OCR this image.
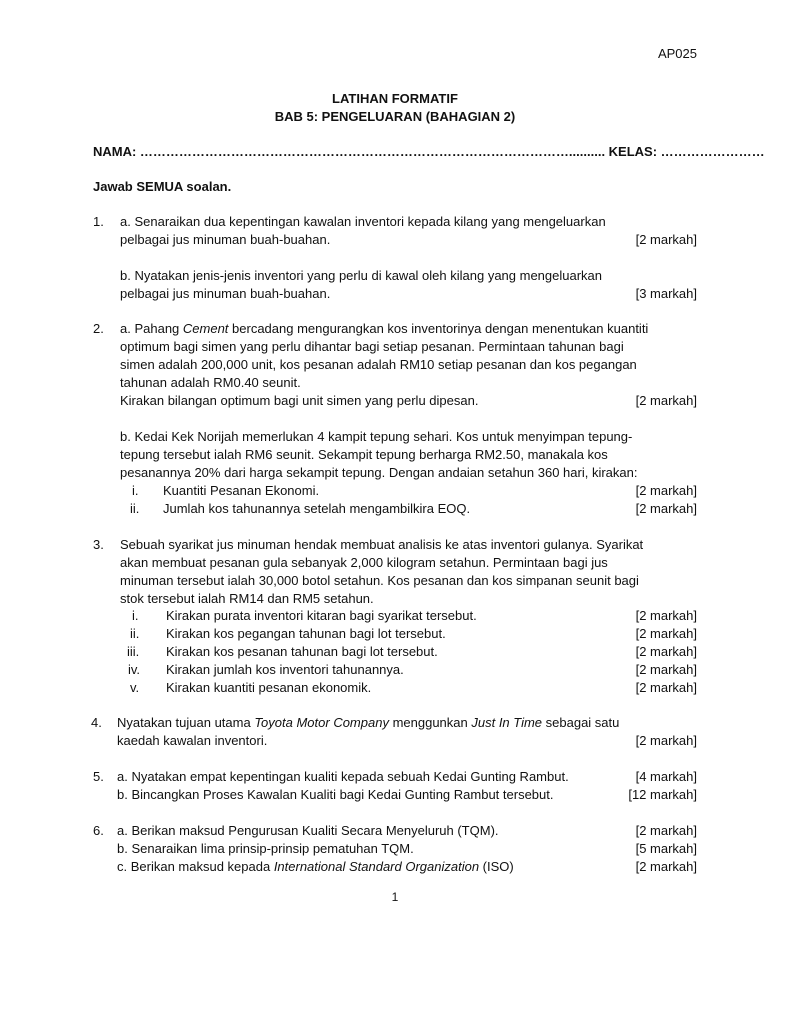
AP025
LATIHAN FORMATIF
BAB 5: PENGELUARAN (BAHAGIAN 2)
NAMA: ……………………………………………………………………………………….......... KELAS: ……………………
Jawab SEMUA soalan.
1. a. Senaraikan dua kepentingan kawalan inventori kepada kilang yang mengeluarkan
pelbagai jus minuman buah-buahan.	[2 markah]
b. Nyatakan jenis-jenis inventori yang perlu di kawal oleh kilang yang mengeluarkan
pelbagai jus minuman buah-buahan.	[3 markah]
2. a. Pahang Cement bercadang mengurangkan kos inventorinya dengan menentukan kuantiti
optimum bagi simen yang perlu dihantar bagi setiap pesanan. Permintaan tahunan bagi
simen adalah 200,000 unit, kos pesanan adalah RM10 setiap pesanan dan kos pegangan
tahunan adalah RM0.40 seunit.
Kirakan bilangan optimum bagi unit simen yang perlu dipesan.	[2 markah]
b. Kedai Kek Norijah memerlukan 4 kampit tepung sehari. Kos untuk menyimpan tepung-
tepung tersebut ialah RM6 seunit. Sekampit tepung berharga RM2.50, manakala kos
pesanannya 20% dari harga sekampit tepung. Dengan andaian setahun 360 hari, kirakan:
i. Kuantiti Pesanan Ekonomi.	[2 markah]
ii. Jumlah kos tahunannya setelah mengambilkira EOQ.	[2 markah]
3. Sebuah syarikat jus minuman hendak membuat analisis ke atas inventori gulanya. Syarikat
akan membuat pesanan gula sebanyak 2,000 kilogram setahun. Permintaan bagi jus
minuman tersebut ialah 30,000 botol setahun. Kos pesanan dan kos simpanan seunit bagi
stok tersebut ialah RM14 dan RM5 setahun.
i. Kirakan purata inventori kitaran bagi syarikat tersebut.	[2 markah]
ii. Kirakan kos pegangan tahunan bagi lot tersebut.	[2 markah]
iii. Kirakan kos pesanan tahunan bagi lot tersebut.	[2 markah]
iv. Kirakan jumlah kos inventori tahunannya.	[2 markah]
v. Kirakan kuantiti pesanan ekonomik.	[2 markah]
4. Nyatakan tujuan utama Toyota Motor Company menggunkan Just In Time sebagai satu
kaedah kawalan inventori.	[2 markah]
5. a. Nyatakan empat kepentingan kualiti kepada sebuah Kedai Gunting Rambut.	[4 markah]
b. Bincangkan Proses Kawalan Kualiti bagi Kedai Gunting Rambut tersebut.	[12 markah]
6. a. Berikan maksud Pengurusan Kualiti Secara Menyeluruh (TQM).	[2 markah]
b. Senaraikan lima prinsip-prinsip pematuhan TQM.	[5 markah]
c. Berikan maksud kepada International Standard Organization (ISO)	[2 markah]
1
